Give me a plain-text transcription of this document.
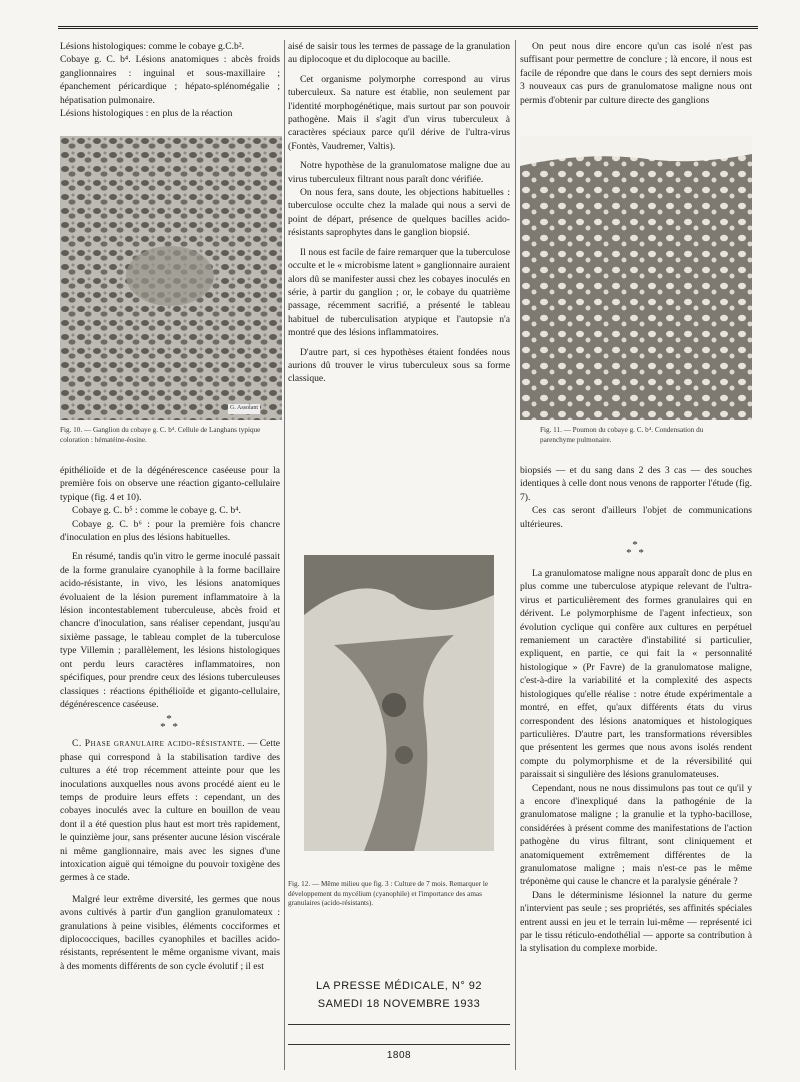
Lésions histologiques: comme le cobaye g.C.b².

Cobaye g. C. b⁴. Lésions anatomiques : abcès froids ganglionnaires : inguinal et sous-maxillaire ; épanchement péricardique ; hépato-splénomégalie ; hépatisation pulmonaire.

Lésions histologiques : en plus de la réaction

G. Assolant
Fig. 10. — Ganglion du cobaye g. C. b⁴. Cellule de Langhans typique coloration : hématéine-éosine.

épithélioïde et de la dégénérescence caséeuse pour la première fois on observe une réaction giganto-cellulaire typique (fig. 4 et 10).

Cobaye g. C. b⁵ : comme le cobaye g. C. b⁴.

Cobaye g. C. b⁶ : pour la première fois chancre d'inoculation en plus des lésions habituelles.

En résumé, tandis qu'in vitro le germe inoculé passait de la forme granulaire cyanophile à la forme bacillaire acido-résistante, in vivo, les lésions anatomiques évoluaient de la lésion purement inflammatoire à la lésion incontestablement tuberculeuse, abcès froid et chancre d'inoculation, sans réaliser cependant, jusqu'au sixième passage, le tableau complet de la tuberculose type Villemin ; parallèlement, les lésions histologiques ont perdu leurs caractères inflammatoires, non spécifiques, pour prendre ceux des lésions tuberculeuses classiques : réactions épithélioïde et giganto-cellulaire, dégénérescence caséeuse.

*
* *

C. Phase granulaire acido-résistante. — Cette phase qui correspond à la stabilisation tardive des cultures a été trop récemment atteinte pour que les inoculations auxquelles nous avons procédé aient eu le temps de produire leurs effets : cependant, un des cobayes inoculés avec la culture en bouillon de veau dont il a été question plus haut est mort très rapidement, le quinzième jour, sans présenter aucune lésion viscérale ni même ganglionnaire, mais avec les signes d'une intoxication aiguë qui témoigne du pouvoir toxigène des germes à ce stade.

Malgré leur extrême diversité, les germes que nous avons cultivés à partir d'un ganglion granulomateux : granulations à peine visibles, éléments cocciformes et diplococciques, bacilles cyanophiles et bacilles acido-résistants, représentent le même organisme vivant, mais à des moments différents de son cycle évolutif ; il est

aisé de saisir tous les termes de passage de la granulation au diplocoque et du diplocoque au bacille.

Cet organisme polymorphe correspond au virus tuberculeux. Sa nature est établie, non seulement par l'identité morphogénétique, mais surtout par son pouvoir pathogène. Mais il s'agit d'un virus tuberculeux à caractères spéciaux parce qu'il dérive de l'ultra-virus (Fontès, Vaudremer, Valtis).

Notre hypothèse de la granulomatose maligne due au virus tuberculeux filtrant nous paraît donc vérifiée.

On nous fera, sans doute, les objections habituelles : tuberculose occulte chez la malade qui nous a servi de point de départ, présence de quelques bacilles acido-résistants saprophytes dans le ganglion biopsié.

Il nous est facile de faire remarquer que la tuberculose occulte et le « microbisme latent » ganglionnaire auraient alors dû se manifester aussi chez les cobayes inoculés en série, à partir du ganglion ; or, le cobaye du quatrième passage, récemment sacrifié, a présenté le tableau habituel de tuberculisation atypique et l'autopsie n'a montré que des lésions inflammatoires.

D'autre part, si ces hypothèses étaient fondées nous aurions dû trouver le virus tuberculeux sous sa forme classique.

Fig. 12. — Même milieu que fig. 3 : Culture de 7 mois. Remarquer le développement du mycélium (cyanophile) et l'importance des amas granulaires (acido-résistants).
LA PRESSE MÉDICALE, N° 92
SAMEDI 18 NOVEMBRE 1933
1808

On peut nous dire encore qu'un cas isolé n'est pas suffisant pour permettre de conclure ; là encore, il nous est facile de répondre que dans le cours des sept derniers mois 3 nouveaux cas purs de granulomatose maligne nous ont permis d'obtenir par culture directe des ganglions

Fig. 11. — Poumon du cobaye g. C. b⁴. Condensation du parenchyme pulmonaire.

biopsiés — et du sang dans 2 des 3 cas — des souches identiques à celle dont nous venons de rapporter l'étude (fig. 7).

Ces cas seront d'ailleurs l'objet de communications ultérieures.

*
* *

La granulomatose maligne nous apparaît donc de plus en plus comme une tuberculose atypique relevant de l'ultra-virus et particulièrement des formes granulaires qui en dérivent. Le polymorphisme de l'agent infectieux, son évolution cyclique qui confère aux cultures en perpétuel remaniement un caractère d'instabilité si particulier, expliquent, en partie, ce qui fait la « personnalité histologique » (Pr Favre) de la granulomatose maligne, c'est-à-dire la variabilité et la complexité des aspects histologiques qu'elle réalise : notre étude expérimentale a montré, en effet, qu'aux différents états du virus correspondent des lésions anatomiques et histologiques particulières. D'autre part, les transformations réversibles que présentent les germes que nous avons isolés rendent compte du polymorphisme et de la réversibilité qui paraissait si singulière des lésions granulomateuses.

Cependant, nous ne nous dissimulons pas tout ce qu'il y a encore d'inexpliqué dans la pathogénie de la granulomatose maligne ; la granulie et la typho-bacillose, considérées à présent comme des manifestations de l'action pathogène du virus filtrant, sont cliniquement et anatomiquement extrêmement différentes de la granulomatose maligne ; mais n'est-ce pas le même tréponème qui cause le chancre et la paralysie générale ?

Dans le déterminisme lésionnel la nature du germe n'intervient pas seule ; ses propriétés, ses affinités spéciales entrent aussi en jeu et le terrain lui-même — représenté ici par le tissu réticulo-endothélial — apporte sa contribution à la stylisation du complexe morbide.
